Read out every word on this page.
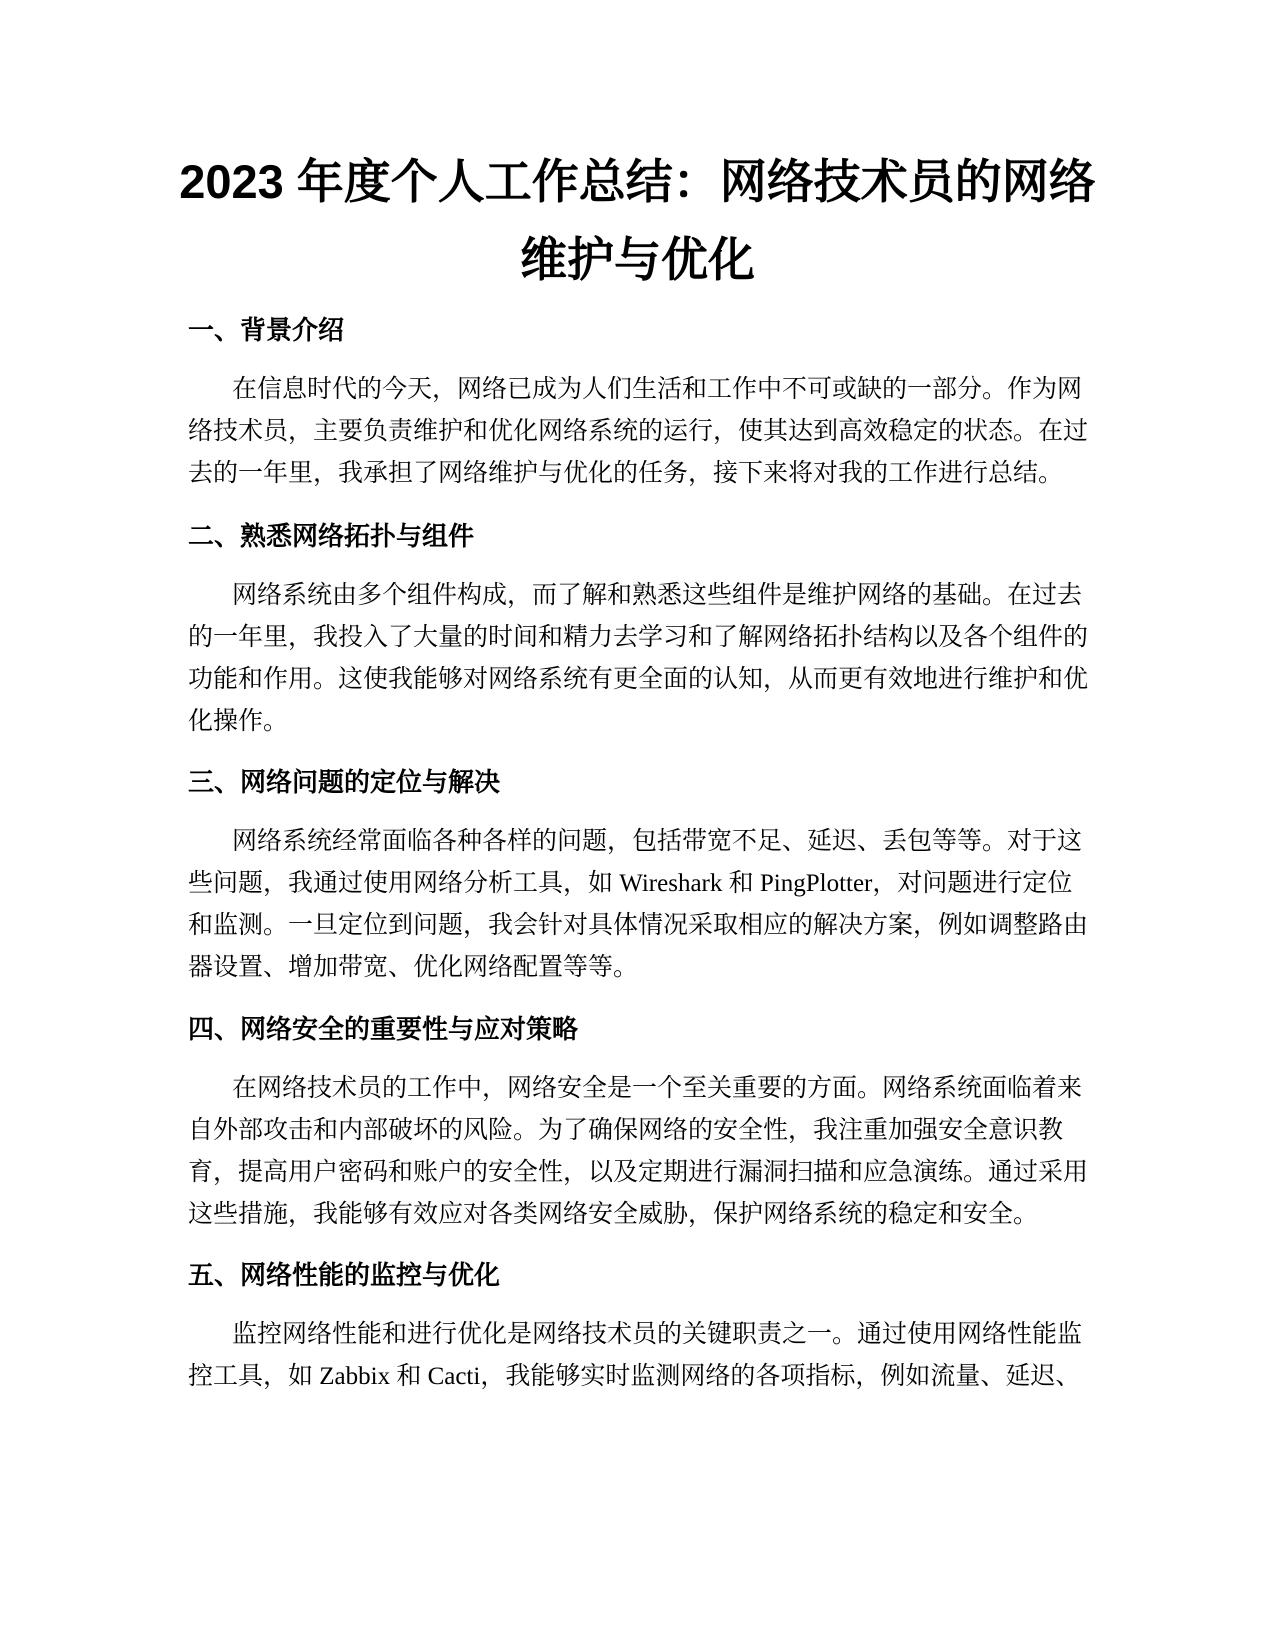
2023 年度个人工作总结：网络技术员的网络
维护与优化
一、背景介绍
在信息时代的今天，网络已成为人们生活和工作中不可或缺的一部分。作为网
络技术员，主要负责维护和优化网络系统的运行，使其达到高效稳定的状态。在过
去的一年里，我承担了网络维护与优化的任务，接下来将对我的工作进行总结。
二、熟悉网络拓扑与组件
网络系统由多个组件构成，而了解和熟悉这些组件是维护网络的基础。在过去
的一年里，我投入了大量的时间和精力去学习和了解网络拓扑结构以及各个组件的
功能和作用。这使我能够对网络系统有更全面的认知，从而更有效地进行维护和优
化操作。
三、网络问题的定位与解决
网络系统经常面临各种各样的问题，包括带宽不足、延迟、丢包等等。对于这
些问题，我通过使用网络分析工具，如 Wireshark 和 PingPlotter，对问题进行定位
和监测。一旦定位到问题，我会针对具体情况采取相应的解决方案，例如调整路由
器设置、增加带宽、优化网络配置等等。
四、网络安全的重要性与应对策略
在网络技术员的工作中，网络安全是一个至关重要的方面。网络系统面临着来
自外部攻击和内部破坏的风险。为了确保网络的安全性，我注重加强安全意识教
育，提高用户密码和账户的安全性，以及定期进行漏洞扫描和应急演练。通过采用
这些措施，我能够有效应对各类网络安全威胁，保护网络系统的稳定和安全。
五、网络性能的监控与优化
监控网络性能和进行优化是网络技术员的关键职责之一。通过使用网络性能监
控工具，如 Zabbix 和 Cacti，我能够实时监测网络的各项指标，例如流量、延迟、
